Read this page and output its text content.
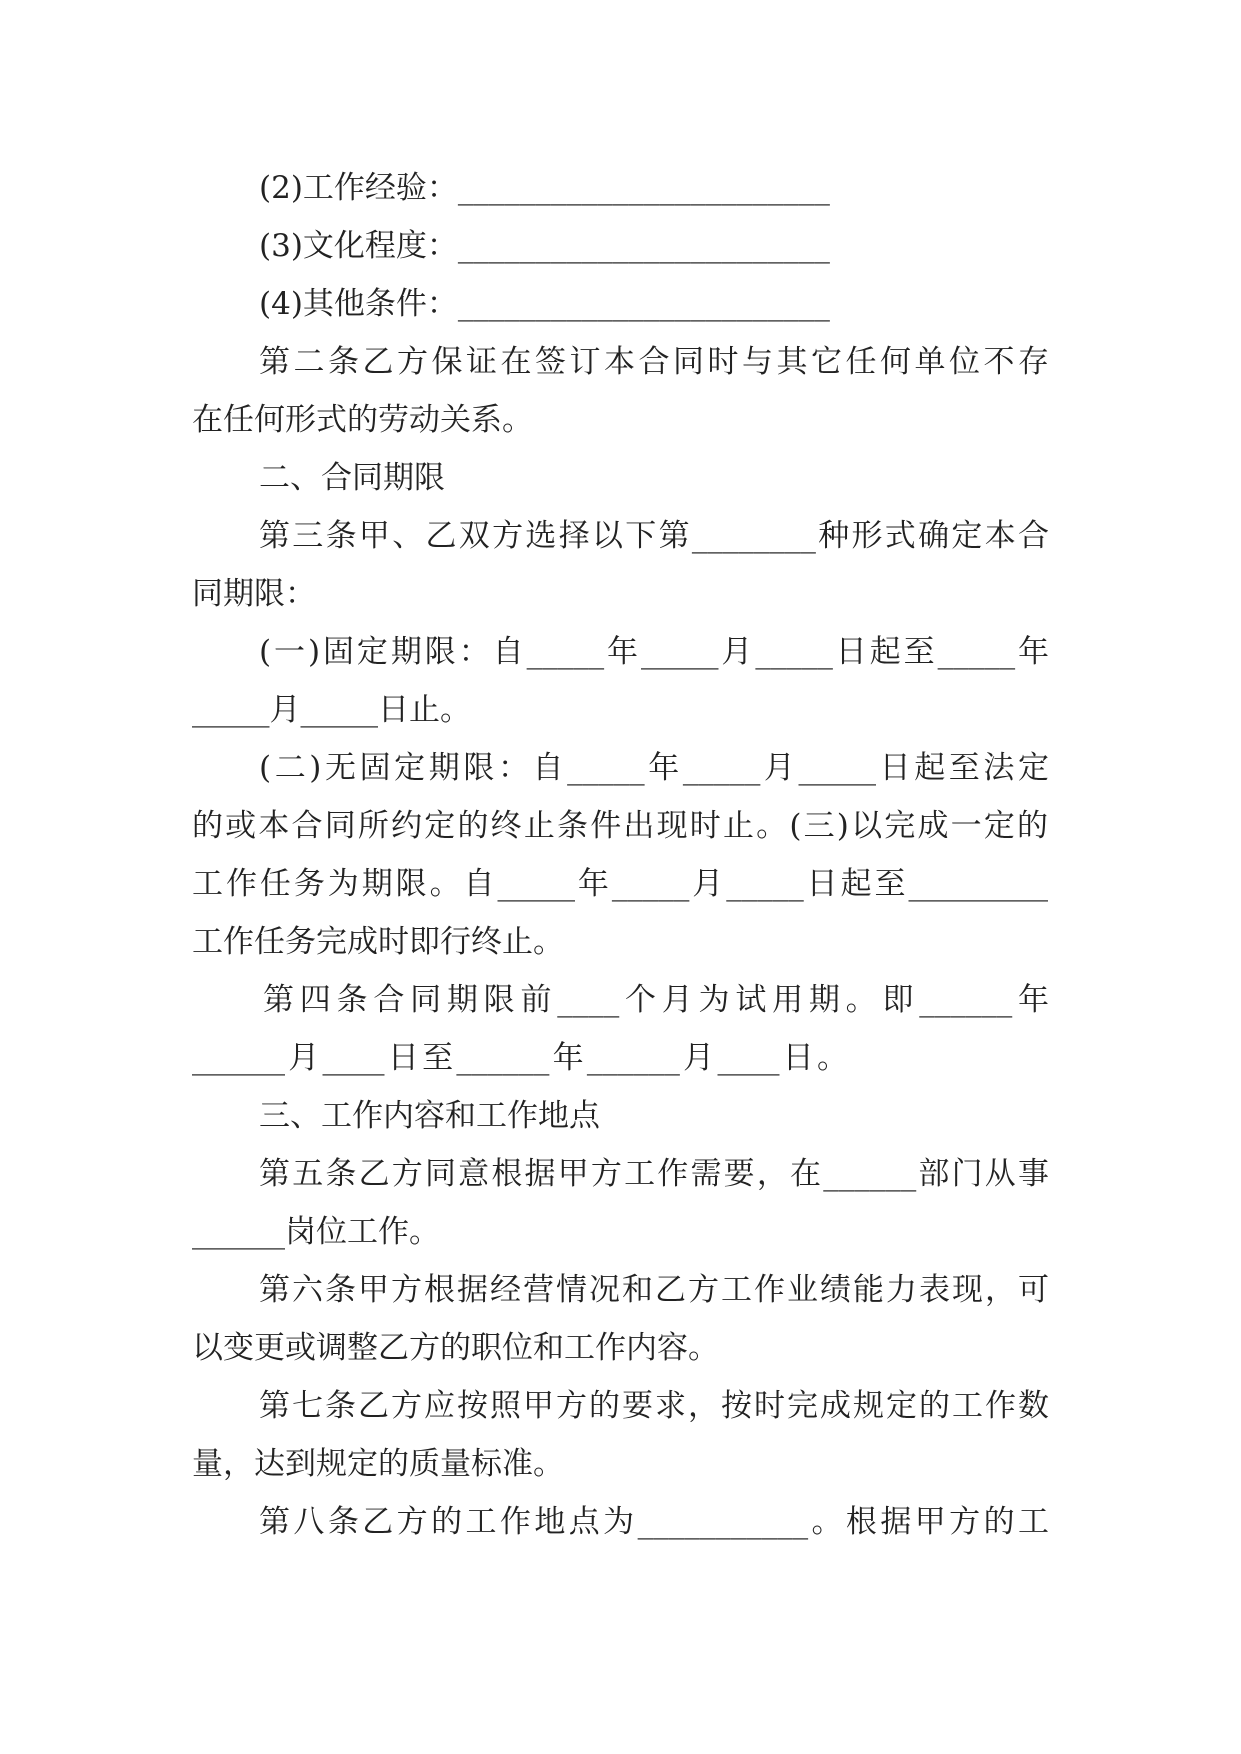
(2)工作经验：________________________

(3)文化程度：________________________

(4)其他条件：________________________

第二条乙方保证在签订本合同时与其它任何单位不存

在任何形式的劳动关系。

二、合同期限

第三条甲、乙双方选择以下第________种形式确定本合

同期限：

(一)固定期限：自_____年_____月_____日起至_____年

_____月_____日止。

(二)无固定期限：自_____年_____月_____日起至法定

的或本合同所约定的终止条件出现时止。(三)以完成一定的

工作任务为期限。自_____年_____月_____日起至_________

工作任务完成时即行终止。

第四条合同期限前____个月为试用期。即______年

______月____日至______年______月____日。

三、工作内容和工作地点

第五条乙方同意根据甲方工作需要，在______部门从事

______岗位工作。

第六条甲方根据经营情况和乙方工作业绩能力表现，可

以变更或调整乙方的职位和工作内容。

第七条乙方应按照甲方的要求，按时完成规定的工作数

量，达到规定的质量标准。

第八条乙方的工作地点为___________。根据甲方的工
